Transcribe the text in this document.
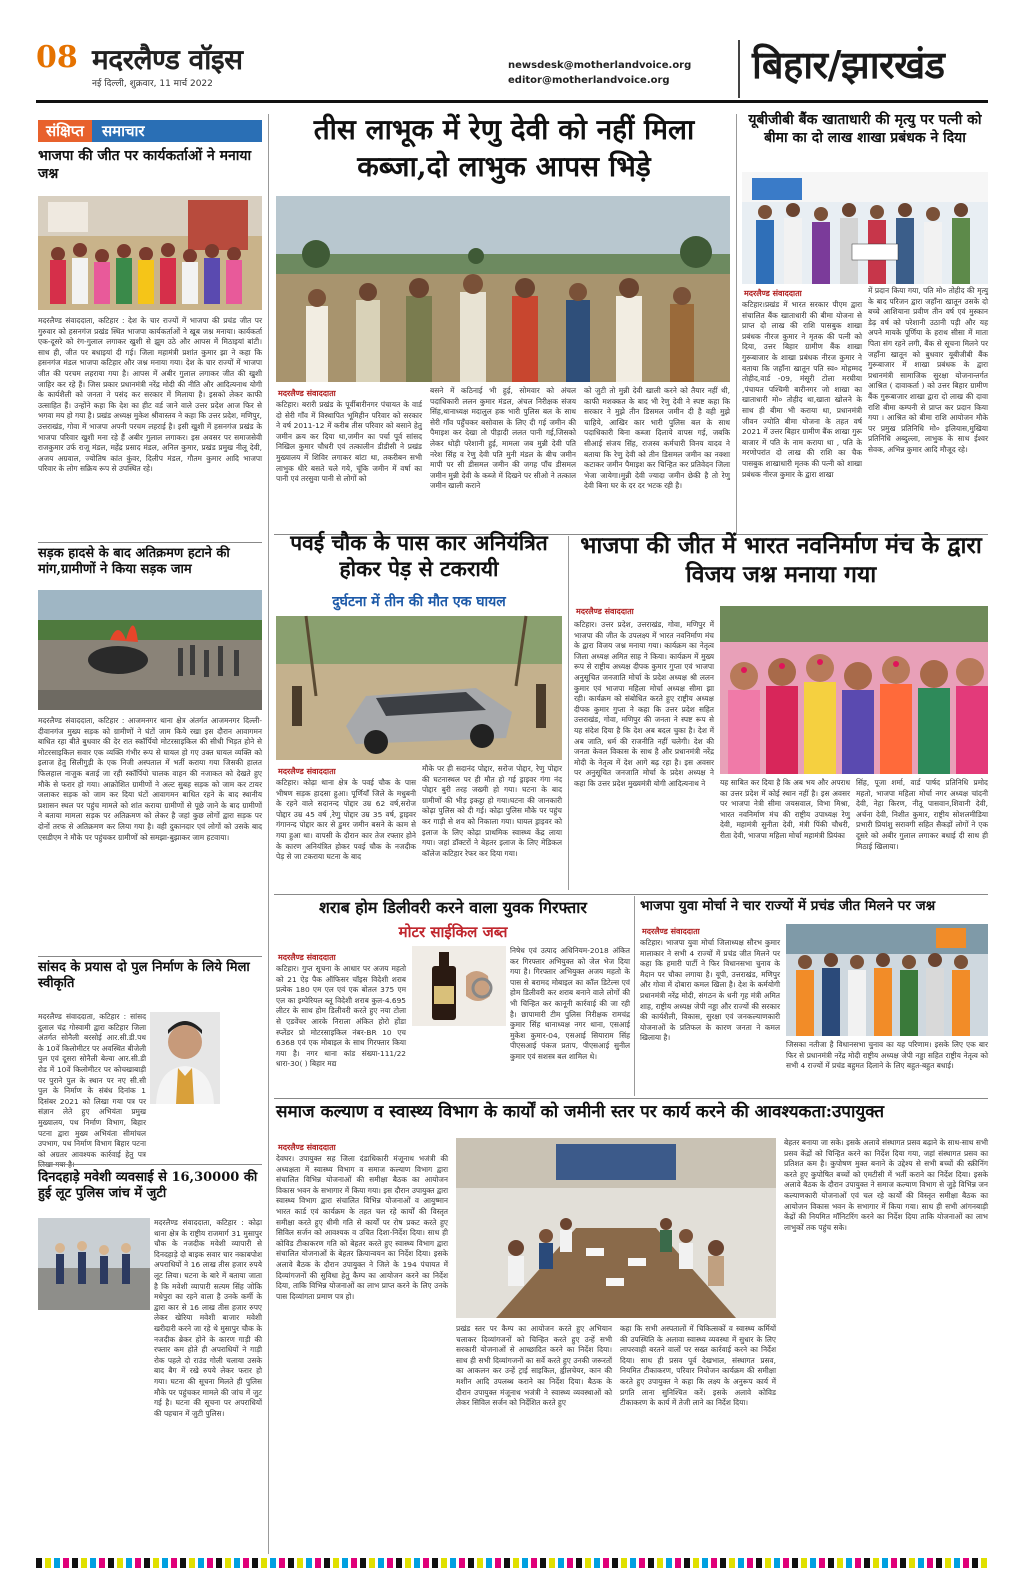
08 मदरलैण्ड वॉइस
नई दिल्ली, शुक्रवार, 11 मार्च 2022
newsdesk@motherlandvoice.org
editor@motherlandvoice.org	बिहार/झारखंड
संक्षिप्त	समाचार
भाजपा की जीत पर कार्यकर्ताओं ने मनाया जश्न
मदरलैण्ड संवाददाता, कटिहार : देश के चार राज्यों में भाजपा की प्रचंड जीत पर गुरुवार को हसनगंज प्रखंड स्थित भाजपा कार्यकर्ताओं ने खूब जश्न मनाया। कार्यकर्ता एक-दूसरे को रंग-गुलाल लगाकर खुशी से झूम उठे और आपस में मिठाइयां बांटी। साथ ही, जीत पर बधाइयां दी गई। जिला महामंत्री प्रशांत कुमार झा ने कहा कि हसनगंज मंडल भाजपा कटिहार और जश्न मनाया गया। देश के चार राज्यों में भाजपा जीत की परचम लहराया गया है। आपस में अबीर गुलाल लगाकर जीत की खुशी जाहिर कर रहे हैं। जिस प्रकार प्रधानमंत्री नरेंद्र मोदी की नीति और आदित्यनाथ योगी के कार्यशैली को जनता ने पसंद कर सरकार में मिलाया है। इसको लेकर काफी उत्साहित हैं। उन्होंने कहा कि देश का हीट वर्ड जाने वाले उत्तर प्रदेश आज फिर से भगवा मय हो गया है। प्रखंड अध्यक्ष मुकेश श्रीवास्तव ने कहा कि उत्तर प्रदेश, मणिपुर, उत्तराखंड, गोवा में भाजपा अपनी परचम लहराई है। इसी खुशी में हसनगंज प्रखंड के भाजपा परिवार खुशी मना रहे हैं अबीर गुलाल लगाकर। इस अवसर पर समाजसेवी राजकुमार उर्फ राजू मंडल, महेंद्र प्रसाद मंडल, अनिल कुमार, प्रखंड प्रमुख नीलू देवी, अजय अग्रवाल, ज्योतिष कांत कुंवर, दिलीप मंडल, गौतम कुमार आदि भाजपा परिवार के लोग सक्रिय रूप से उपस्थित रहे।
सड़क हादसे के बाद अतिक्रमण हटाने की मांग,ग्रामीणों ने किया सड़क जाम
मदरलैण्ड संवाददाता, कटिहार : आजमनगर थाना क्षेत्र अंतर्गत आजमनगर दिल्ली-दीवानगंज मुख्य सड़क को ग्रामीणों ने घंटों जाम किये रखा इस दौरान आवागमन बाधित रहा बीते बुधवार की देर रात स्कॉर्पियो मोटरसाइकिल की सीधी भिड़त होने से मोटरसाइकिल सवार एक व्यक्ति गंभीर रूप से घायल हो गए उक्त घायल व्यक्ति को इलाज हेतु सिलीगुड़ी के एक निजी अस्पताल में भर्ती कराया गया जिसकी हालत फिलहाल नाजुक बताई जा रही स्कॉर्पियो चालक वाहन की नजाकत को देखते हुए मौके से फरार हो गया। आक्रोशित ग्रामीणों ने अल्ट सुबह सड़क को जाम कर टायर जलाकर सड़क को जाम कर दिया घंटों आवागमन बाधित रहने के बाद स्थानीय प्रशासन स्थल पर पहुंच मामले को शांत कराया ग्रामीणों से पूछे जाने के बाद ग्रामीणों ने बताया मामला सड़क पर अतिक्रमण को लेकर है जहां कुछ लोगों द्वारा सड़क पर दोनों तरफ से अतिक्रमण कर लिया गया है। वही दुकानदार एवं लोगों को उसके बाद एसडीएम ने मौके पर पहुंचकर ग्रामीणों को समझा-बुझाकर जाम हटवाया।
सांसद के प्रयास दो पुल निर्माण के लिये मिला स्वीकृति
मदरलैण्ड संवाददाता, कटिहार : सांसद दुलाल चंद्र गोस्वामी द्वारा कटिहार जिला अंतर्गत सोनैली बरसोई आर.सी.डी.पथ के 10वें किलोमीटर पर अवस्थित बीजेली पुल एवं दूसरा सोनैली बेल्वा आर.सी.डी रोड में 10वें किलोमीटर पर कोचखाबाड़ी पर पुराने पुल के स्थान पर नए सी.सी पुल के निर्माण के संबंध दिनांक 1 दिसंबर 2021 को लिखा गया पत्र पर संज्ञान लेते हुए अभियंता प्रमुख मुख्यालय, पथ निर्माण विभाग, बिहार पटना द्वारा मुख्य अभियंता सीमांचल उपभाग, पथ निर्माण विभाग बिहार पटना को अग्रतर आवश्यक कार्रवाई हेतु पत्र
दिनदहाड़े मवेशी व्यवसाई से 16,30000 की हुई लूट पुलिस जांच में जुटी
मदरलैण्ड संवाददाता, कटिहार : कोढ़ा थाना क्षेत्र के राष्ट्रीय राजमार्ग 31 मुसापुर चौक के नजदीक मवेशी व्यापारी से दिनदहाड़े दो बाइक सवार चार नकाबपोश अपराधियों ने 16 लाख तीस हजार रुपये लूट लिया। घटना के बारे में बताया जाता है कि मवेशी व्यापारी सत्यम सिंह जोकि मधेपुरा का रहने वाला है उनके कर्मी के द्वारा कार से 16 लाख तीस हजार रुपए लेकर खेरिया मवेशी बाजार मवेशी खरीदारी करने जा रहे थे मुसापुर चौक के नजदीक ब्रेकर होने के कारण गाड़ी की रफ्तार कम होते ही अपराधियों ने गाड़ी रोक पहले दो राउंड गोली चलाया उसके बाद बैग में रखे रुपये लेकर फरार हो गया। घटना की सूचना मिलते ही पुलिस मौके पर पहुंचकर मामले की जांच में जुट गई है। घटना की सूचना पर अपराधियों की पहचान में जुटी पुलिस।
तीस लाभूक में रेणु देवी को नहीं मिला कब्जा,दो लाभुक आपस भिड़े
मदरलैण्ड संवाददाता
कटिहार। बरारी प्रखंड के पूर्वीबारीनगर पंचायत के वार्ड दो सेरी गाँव में विस्थापित भूमिहीन परिवार को सरकार ने वर्ष 2011-12 में करीब तीस परिवार को बसाने हेतु जमीन क्रय कर दिया था,जमीन का पर्चा पूर्व सांसद निखिल कुमार चौधरी एवं तत्कालीन डीडीसी ने प्रखंड मुख्यालय में शिविर लगाकर बांटा था, तकरीबन सभी लाभुक धीरे बसते चले गये, चूंकि जमीन में वर्षा का पानी एवं तरसुवा पानी से लोगों को
बसने में कठिनाई भी हुई, सोमवार को अंचल पदाधिकारी ललन कुमार मंडल, अंचल निरीक्षक संजय सिंह,थानाध्यक्ष मदालुल हक भारी पुलिस बल के साथ सेरी गाँव पहुँचकर बसोवास के लिए दी गई जमीन की पैमाइश कर देखा तो पीड़ादी ललत पानी गई,जिसको लेकर थोड़ी परेशानी हुई, मामला जब मुन्नी देवी पति नरेश सिंह व रेणु देवी पति मुनी मंडल के बीच जमीन मापी पर सी डीसमल जमीन की जगह पाँच डीसमल जमीन मुन्नी देवी के कब्जे में दिखने पर सीओ ने तत्काल जमीन खाली कराने
को जुटी तो मुन्नी देवी खाली करने को तैयार नहीं थी, काफी मशक्कत के बाद भी रेणु देवी ने स्पष्ट कहा कि सरकार ने मुझे तीन डिसमल जमीन दी है वही मुझे चाहिये, आखिर कार भारी पुलिस बल के साथ पदाधिकारी बिना कब्जा दिलाये वापस गई, जबकि सीआई संजय सिंह, राजस्व कर्मचारी विनय यादव ने बताया कि रेणु देवी को तीन डिसमल जमीन का नक्शा कटाकर जमीन पैमाइश कर चिन्हित कर प्रतिवेदन जिला भेजा जायेगा।मुन्नी देवी ज्यादा जमीन छेकी है तो रेणु देवी बिना घर के दर दर भटक रही है।
यूबीजीबी बैंक खाताधारी की मृत्यु पर पत्नी को बीमा का दो लाख शाखा प्रबंधक ने दिया
मदरलैण्ड संवाददाता
कटिहार।प्रखंड में भारत सरकार पीएम द्वारा संचालित बैंक खाताधारी की बीमा योजना से प्राप्त दो लाख की राशि पासबुक शाखा प्रबंधक नीरज कुमार ने मृतक की पत्नी को दिया, उत्तर बिहार ग्रामीण बैंक शाखा गुरूबाजार के शाखा प्रबंधक नीरज कुमार ने बताया कि जहाँना खातून पति स्व० मोहम्मद तोहीद,वार्ड -09, मंसूरी टोला मरघीया ,पंचायत पश्चिमी बारीनगर जो शाखा का खाताधारी मो० तोहीद था,खाता खोलने के साथ ही बीमा भी कराया था, प्रधानमंत्री जीवन ज्योति बीमा योजना के तहत वर्ष 2021 में उत्तर बिहार ग्रामीण बैंक शाखा गुरू बाजार में पति के नाम कराया था , पति के मरणोपरांत दो लाख की राशि का चैक पासबुक शाखाधारी मृतक की पत्नी को शाखा प्रबंधक नीरज कुमार के द्वारा शाखा
में प्रदान किया गया, पति मो० तोहीद की मृत्यु के बाद परिजन द्वारा जहाँना खातून उसके दो बच्चे आशियाना प्रवीण तीन वर्ष एवं मुस्कान डेढ़ वर्ष को परेशानी उठानी पड़ी और यह अपने मायके पूर्णिया के हराथ सीसा में माता पिता संग रहने लगी, बैंक से सूचना मिलने पर जहाँना खातून को बुधवार यूबीजीबी बैंक गुरूबाजार में शाखा प्रबंधक के द्वारा प्रधानमंत्री सामाजिक सुरक्षा योजनान्तर्गत आश्रित ( दावाकर्ता ) को उत्तर बिहार ग्रामीण बैंक गुरूबाजार शाखा द्वारा दो लाख की दावा राशि बीमा कम्पनी से प्राप्त कर प्रदान किया गया । आश्रित को बीमा राशि आयोजन मौके पर प्रमुख प्रतिनिधि मो० इलियास,मुखिया प्रतिनिधि अब्दुल्ला, लाभुक के साथ ईश्वर सेवक, अभिन्न कुमार आदि मौजूद रहे।
पवई चौक के पास कार अनियंत्रित होकर पेड़ से टकरायी
दुर्घटना में तीन की मौत एक घायल
मदरलैण्ड संवाददाता
कटिहार। कोढ़ा थाना क्षेत्र के पवई चौक के पास भीषण सड़क हादसा हुआ। पूर्णियाँ जिले के मधुबनी के रहने वाले सदानन्द पोद्दार उम्र 62 वर्ष,सरोज पोद्दार उम्र 45 वर्ष ,रेणु पोद्दार उम्र 35 वर्ष, ड्राइवर गंगानन्द पोद्दार कार से डुमर जमीन बसने के काम से गया हुआ था। वापसी के दौरान कार तेज रफ्तार होने के कारण अनियंत्रित होकर पवई चौक के नजदीक पेड़ से जा टकराया घटना के बाद
मौके पर ही सदानंद पोद्दार, सरोज पोद्दार, रेणु पोद्दार की घटनास्थल पर ही मौत हो गई ड्राइवर गंगा नंद पोद्दार बुरी तरह जख्मी हो गया। घटना के बाद ग्रामीणों की भीड़ इकट्ठा हो गया।घटना की जानकारी कोढ़ा पुलिस को दी गई। कोढ़ा पुलिस मौके पर पहुंच कर गाड़ी से शव को निकाला गया। घायल ड्राइवर को इलाज के लिए कोढ़ा प्राथमिक स्वास्थ्य केंद्र लाया गया। जहां डॉक्टरों ने बेहतर इलाज के लिए मेडिकल कॉलेज कटिहार रेफर कर दिया गया।
भाजपा की जीत में भारत नवनिर्माण मंच के द्वारा विजय जश्न मनाया गया
मदरलैण्ड संवाददाता
कटिहार। उत्तर प्रदेश, उत्तराखंड, गोवा, मणिपुर में भाजपा की जीत के उपलक्ष्य में भारत नवनिर्माण मंच के द्वारा विजय जश्न मनाया गया। कार्यक्रम का नेतृत्व जिला अध्यक्ष अमित साह ने किया। कार्यक्रम में मुख्य रूप से राष्ट्रीय अध्यक्ष दीपक कुमार गुप्ता एवं भाजपा अनुसूचित जनजाति मोर्चा के प्रदेश अध्यक्ष श्री ललन कुमार एवं भाजपा महिला मोर्चा अध्यक्ष सीमा झा रही। कार्यक्रम को संबोधित करते हुए राष्ट्रीय अध्यक्ष दीपक कुमार गुप्ता ने कहा कि उत्तर प्रदेश सहित उत्तराखंड, गोवा, मणिपुर की जनता ने स्पष्ट रूप से यह संदेश दिया है कि देश अब बदल चुका है। देश में अब जाति, धर्म की राजनीति नहीं चलेगी। देश की जनता केवल विकास के साथ है और प्रधानमंत्री नरेंद्र मोदी के नेतृत्व में देश आगे बढ़ रहा है। इस अवसर पर अनुसूचित जनजाति मोर्चा के प्रदेश अध्यक्ष ने कहा कि उत्तर प्रदेश मुख्यमंत्री योगी आदित्यनाथ ने	यह साबित कर दिया है कि अब भय और अपराध का उत्तर प्रदेश में कोई स्थान नहीं है। इस अवसर पर भाजपा नेत्री सीमा जयसवाल, विभा मिश्रा, भारत नवनिर्माण मंच की राष्ट्रीय उपाध्यक्ष रेणु देवी, महामंत्री सुनीता देवी, मंत्री पिंकी चौधरी, रीता देवी, भाजपा महिला मोर्चा महामंत्री प्रियंका
सिंह, पूजा शर्मा, वार्ड पार्षद प्रतिनिधि प्रमोद महतो, भाजपा महिला मोर्चा नगर अध्यक्ष चांदनी देवी, नेहा किरण, नीतू पासवान,शिवानी देवी, अर्चना देवी, निशीत कुमार, राष्ट्रीय सोशलमीडिया प्रभारी प्रियांशु सरावगी सहित सैकड़ों लोगों ने एक दूसरे को अबीर गुलाल लगाकर बधाई दी साथ ही मिठाई खिलाया।
शराब होम डिलीवरी करने वाला युवक गिरफ्तार
मोटर साईकिल जब्त
मदरलैण्ड संवाददाता
कटिहार। गुप्त सूचना के आधार पर अजय महतो को 21 ऐड़ पैक ऑफिसर चॉइस विदेशी शराब प्रत्येक 180 एम एल एवं एक बोतल 375 एम एल का इम्पेरियल ब्लू विदेशी शराब कुल-4.695 लीटर के साथ होम डिलीवरी करते हुए नया टोला से एडवेंचर आरके निराला अंकित होरो होंडा स्प्लेंडर प्रो मोटरसाइकिल नंबर-BR 10 एच 6368 एवं एक मोबाइल के साथ गिरफ्तार किया गया है। नगर थाना कांड संख्या-111/22 धारा-30( ) बिहार मद्य
निषेध एवं उत्पाद अधिनियम-2018 अंकित कर गिरफ्तार अभियुक्त को जेल भेज दिया गया है। गिरफ्तार अभियुक्त अजय महतो के पास से बरामद मोबाइल का कॉल डिटेल्स एवं होम डिलीवरी कर शराब बनाने वाले लोगों की भी चिन्हित कर कानूनी कार्रवाई की जा रही है। छापामारी टीम पुलिस निरीक्षक रामचंद्र कुमार सिंह थानाध्यक्ष नगर थाना, एसआई मुकेश कुमार-04, एसआई सियाराम सिंह पीएसआई पंकज प्रताप, पीएसआई सुनील कुमार एवं सशस्त्र बल शामिल थे।
भाजपा युवा मोर्चा ने चार राज्यों में प्रचंड जीत मिलने पर जश्न
मदरलैण्ड संवाददाता
कटिहार। भाजपा युवा मोर्चा जिलाध्यक्ष सौरभ कुमार मालाकार ने सभी 4 राज्यों में प्रचंड जीत मिलने पर कहा कि हमारी पार्टी ने फिर विधानसभा चुनाव के मैदान पर चौका लगाया है। यूपी, उत्तराखंड, मणिपुर और गोवा में दोबारा कमल खिला है। देश के कर्मयोगी प्रधानमंत्री नरेंद्र मोदी, संगठन के धनी गृह मंत्री अमित शाह, राष्ट्रीय अध्यक्ष जेपी नड्डा और राज्यों की सरकार की कार्यशैली, विकास, सुरक्षा एवं जनकल्याणकारी योजनाओं के प्रतिफल के कारण जनता ने कमल खिलाया है।
जिसका नतीजा है विधानसभा चुनाव का यह परिणाम। इसके लिए एक बार फिर से प्रधानमंत्री नरेंद्र मोदी राष्ट्रीय अध्यक्ष जेपी नड्डा सहित राष्ट्रीय नेतृत्व को सभी 4 राज्यों में प्रचंड बहुमत दिलाने के लिए बहुत-बहुत बधाई।
समाज कल्याण व स्वास्थ्य विभाग के कार्यों को जमीनी स्तर पर कार्य करने की आवश्यकता:उपायुक्त
मदरलैण्ड संवाददाता
देवघर। उपायुक्त सह जिला दंडाधिकारी मंजूनाथ भजंत्री की अध्यक्षता में स्वास्थ्य विभाग व समाज कल्याण विभाग द्वारा संचालित विभिन्न योजनाओं की समीक्षा बैठक का आयोजन विकास भवन के सभागार में किया गया। इस दौरान उपायुक्त द्वारा स्वास्थ्य विभाग द्वारा संचालित विभिन्न योजनाओं व आयुष्मान भारत कार्ड एवं कार्यक्रम के तहत चल रहे कार्यों की विस्तृत समीक्षा करते हुए धीमी गति से कार्यों पर रोष प्रकट करते हुए सिविल सर्जन को आवश्यक व उचित दिशा-निर्देश दिया। साथ ही कोविड टीकाकरण गति को बेहतर करते हुए स्वास्थ्य विभाग द्वारा संचालित योजनाओं के बेहतर क्रियान्वयन का निर्देश दिया। इसके अलावे बैठक के दौरान उपायुक्त ने जिले के 194 पंचायत में दिव्यांगजनों की सुविधा हेतु कैम्प का आयोजन करने का निर्देश दिया, ताकि विभिन्न योजनाओं का लाभ प्राप्त करने के लिए उनके पास दिव्यांगता प्रमाण पत्र हो।
प्रखंड स्तर पर कैम्प का आयोजन करते हुए अभियान चलाकर दिव्यांगजनों को चिन्हित करते हुए उन्हें सभी सरकारी योजनाओं से आच्छादित करने का निर्देश दिया। साथ ही सभी दिव्यांगजनों का सर्वे करते हुए उनकी जरूरतों का आकलन कर उन्हें ट्राई साइकिल, ह्वीलचेयर, कान की मशीन आदि उपलब्ध कराने का निर्देश दिया। बैठक के दौरान उपायुक्त मंजूनाथ भजंत्री ने स्वास्थ्य व्यवस्थाओं को लेकर सिविल सर्जन को निर्देशित करते हुए
कहा कि सभी अस्पतालों में चिकित्सकों व स्वास्थ्य कर्मियों की उपस्थिति के अलावा स्वास्थ्य व्यवस्था में सुधार के लिए लापरवाही बरतने वालों पर सख्त कार्रवाई करने का निर्देश दिया। साथ ही प्रसव पूर्व देखभाल, संस्थागत प्रसव, नियमित टीकाकरण, परिवार नियोजन कार्यक्रम की समीक्षा करते हुए उपायुक्त ने कहा कि लक्ष्य के अनुरूप कार्य में प्रगति लाना सुनिश्चित करें। इसके अलावे कोविड टीकाकरण के कार्य में तेजी लाने का निर्देश दिया।
बेहतर बनाया जा सके। इसके अलावे संस्थागत प्रसव बढ़ाने के साथ-साथ सभी प्रसव केंद्रों को चिन्हित करने का निर्देश दिया गया, जहां संस्थागत प्रसव का प्रतिशत कम है। कुपोषण मुक्त बनाने के उद्देश्य से सभी बच्चों की स्क्रीनिंग करते हुए कुपोषित बच्चों को एमटीसी में भर्ती कराने का निर्देश दिया। इसके अलावे बैठक के दौरान उपायुक्त ने समाज कल्याण विभाग से जुड़े विभिन्न जन कल्याणकारी योजनाओं एवं चल रहे कार्यों की विस्तृत समीक्षा बैठक का आयोजन विकास भवन के सभागार में किया गया। साथ ही सभी आंगनबाड़ी केंद्रों की नियमित मॉनिटरिंग करने का निर्देश दिया ताकि योजनाओं का लाभ लाभुकों तक पहुंच सके।
